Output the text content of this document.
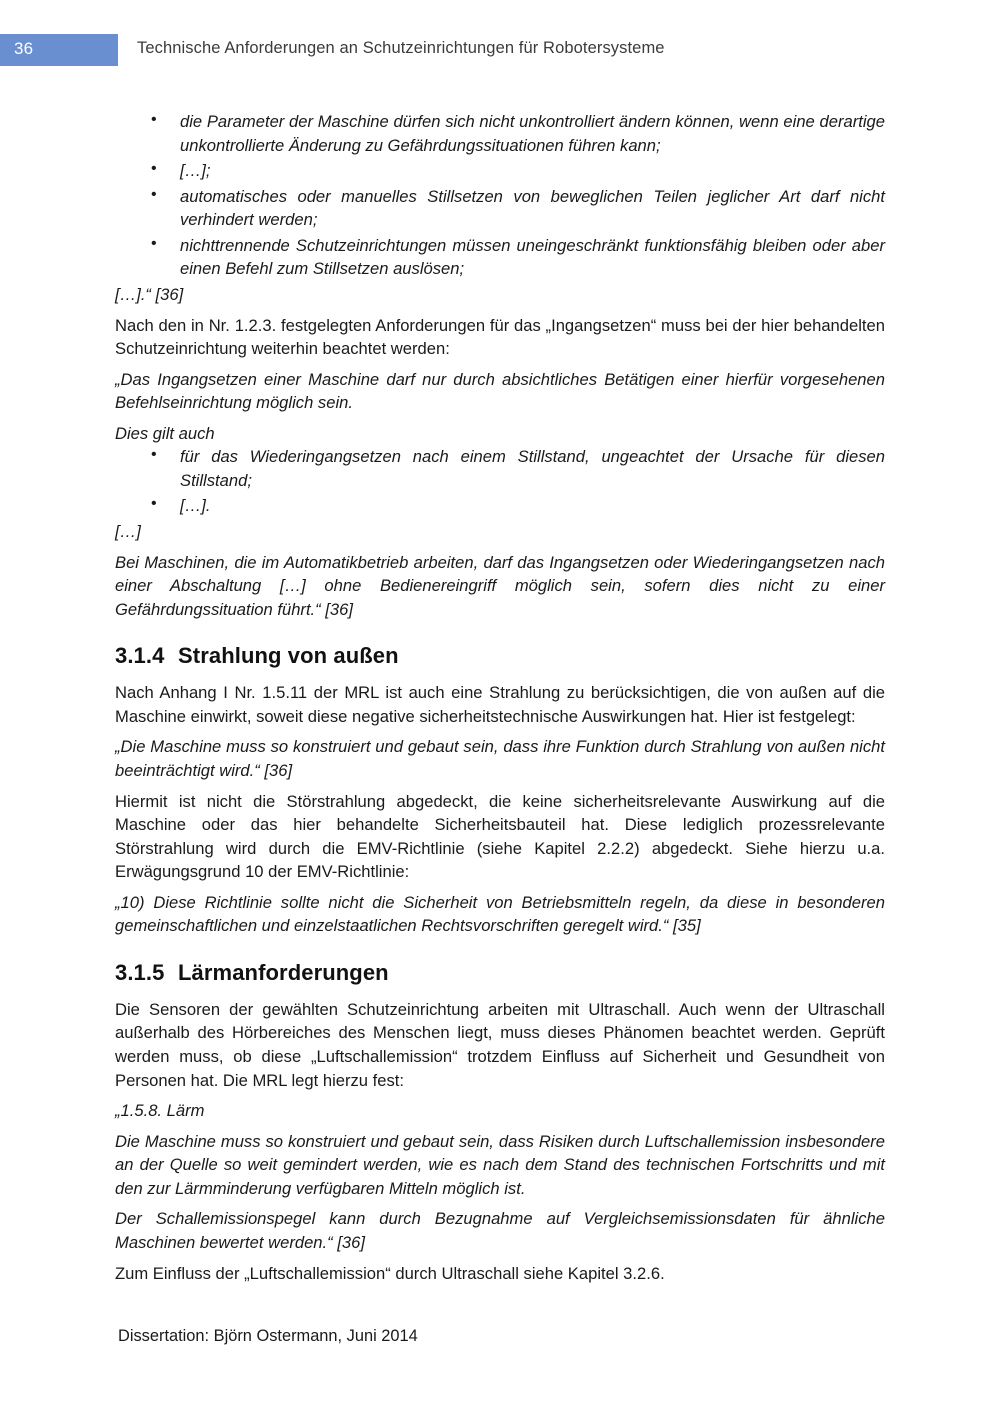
36	Technische Anforderungen an Schutzeinrichtungen für Robotersysteme
• die Parameter der Maschine dürfen sich nicht unkontrolliert ändern können, wenn eine derartige unkontrollierte Änderung zu Gefährdungssituationen führen kann;
• […];
• automatisches oder manuelles Stillsetzen von beweglichen Teilen jeglicher Art darf nicht verhindert werden;
• nichttrennende Schutzeinrichtungen müssen uneingeschränkt funktionsfähig bleiben oder aber einen Befehl zum Stillsetzen auslösen;

[…].“ [36]

Nach den in Nr. 1.2.3. festgelegten Anforderungen für das „Ingangsetzen“ muss bei der hier behandelten Schutzeinrichtung weiterhin beachtet werden:

„Das Ingangsetzen einer Maschine darf nur durch absichtliches Betätigen einer hierfür vorgesehenen Befehlseinrichtung möglich sein.

Dies gilt auch

• für das Wiederingangsetzen nach einem Stillstand, ungeachtet der Ursache für diesen Stillstand;
• […].

[…]

Bei Maschinen, die im Automatikbetrieb arbeiten, darf das Ingangsetzen oder Wiederingangsetzen nach einer Abschaltung […] ohne Bedienereingriff möglich sein, sofern dies nicht zu einer Gefährdungssituation führt.“ [36]

3.1.4 Strahlung von außen

Nach Anhang I Nr. 1.5.11 der MRL ist auch eine Strahlung zu berücksichtigen, die von außen auf die Maschine einwirkt, soweit diese negative sicherheitstechnische Auswirkungen hat. Hier ist festgelegt:

„Die Maschine muss so konstruiert und gebaut sein, dass ihre Funktion durch Strahlung von außen nicht beeinträchtigt wird.“ [36]

Hiermit ist nicht die Störstrahlung abgedeckt, die keine sicherheitsrelevante Auswirkung auf die Maschine oder das hier behandelte Sicherheitsbauteil hat. Diese lediglich prozessrelevante Störstrahlung wird durch die EMV-Richtlinie (siehe Kapitel 2.2.2) abgedeckt. Siehe hierzu u.a. Erwägungsgrund 10 der EMV-Richtlinie:

„10) Diese Richtlinie sollte nicht die Sicherheit von Betriebsmitteln regeln, da diese in besonderen gemeinschaftlichen und einzelstaatlichen Rechtsvorschriften geregelt wird.“ [35]

3.1.5 Lärmanforderungen

Die Sensoren der gewählten Schutzeinrichtung arbeiten mit Ultraschall. Auch wenn der Ultraschall außerhalb des Hörbereiches des Menschen liegt, muss dieses Phänomen beachtet werden. Geprüft werden muss, ob diese „Luftschallemission“ trotzdem Einfluss auf Sicherheit und Gesundheit von Personen hat. Die MRL legt hierzu fest:

„1.5.8. Lärm

Die Maschine muss so konstruiert und gebaut sein, dass Risiken durch Luftschallemission insbesondere an der Quelle so weit gemindert werden, wie es nach dem Stand des technischen Fortschritts und mit den zur Lärmminderung verfügbaren Mitteln möglich ist.

Der Schallemissionspegel kann durch Bezugnahme auf Vergleichsemissionsdaten für ähnliche Maschinen bewertet werden.“ [36]

Zum Einfluss der „Luftschallemission“ durch Ultraschall siehe Kapitel 3.2.6.

Dissertation: Björn Ostermann, Juni 2014
